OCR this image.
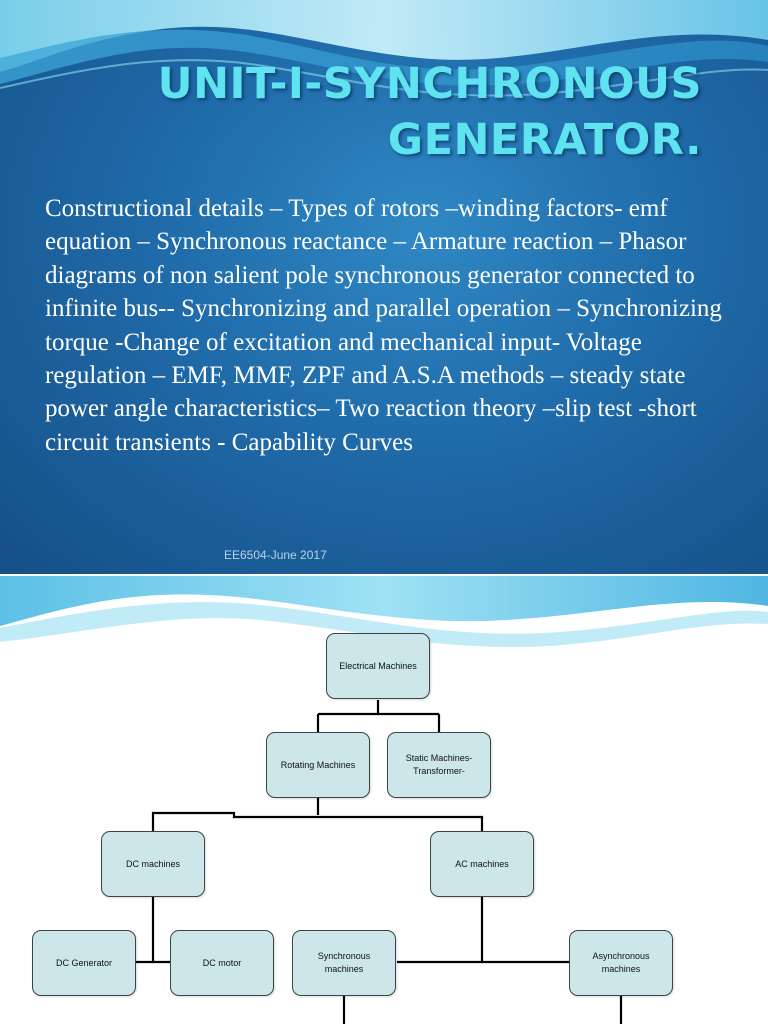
UNIT-I-SYNCHRONOUS
GENERATOR.
Constructional details – Types of rotors –winding factors- emf equation – Synchronous reactance – Armature reaction – Phasor diagrams of non salient pole synchronous generator connected to infinite bus-- Synchronizing and parallel operation – Synchronizing torque -Change of excitation and mechanical input- Voltage regulation – EMF, MMF, ZPF and A.S.A methods – steady state power angle characteristics– Two reaction theory –slip test -short circuit transients - Capability Curves
EE6504-June 2017
Electrical Machines
Rotating Machines
Static Machines-
Transformer-
DC machines	AC machines
DC Generator	DC motor
Synchronous
machines
Asynchronous
machines
